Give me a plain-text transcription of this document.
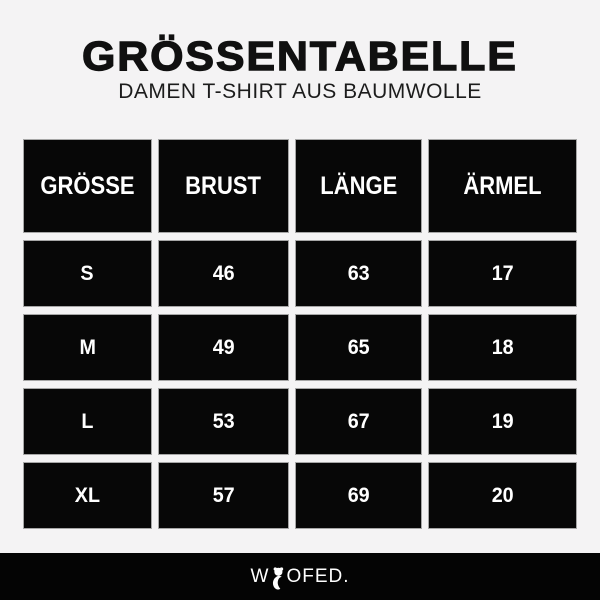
GRÖSSENTABELLE
DAMEN T-SHIRT AUS BAUMWOLLE
GRÖSSE BRUST LÄNGE	ÄRMEL
S	46	63	17
M	49	65	18
L	53	67	19
XL	57	69	20
W OFED.
